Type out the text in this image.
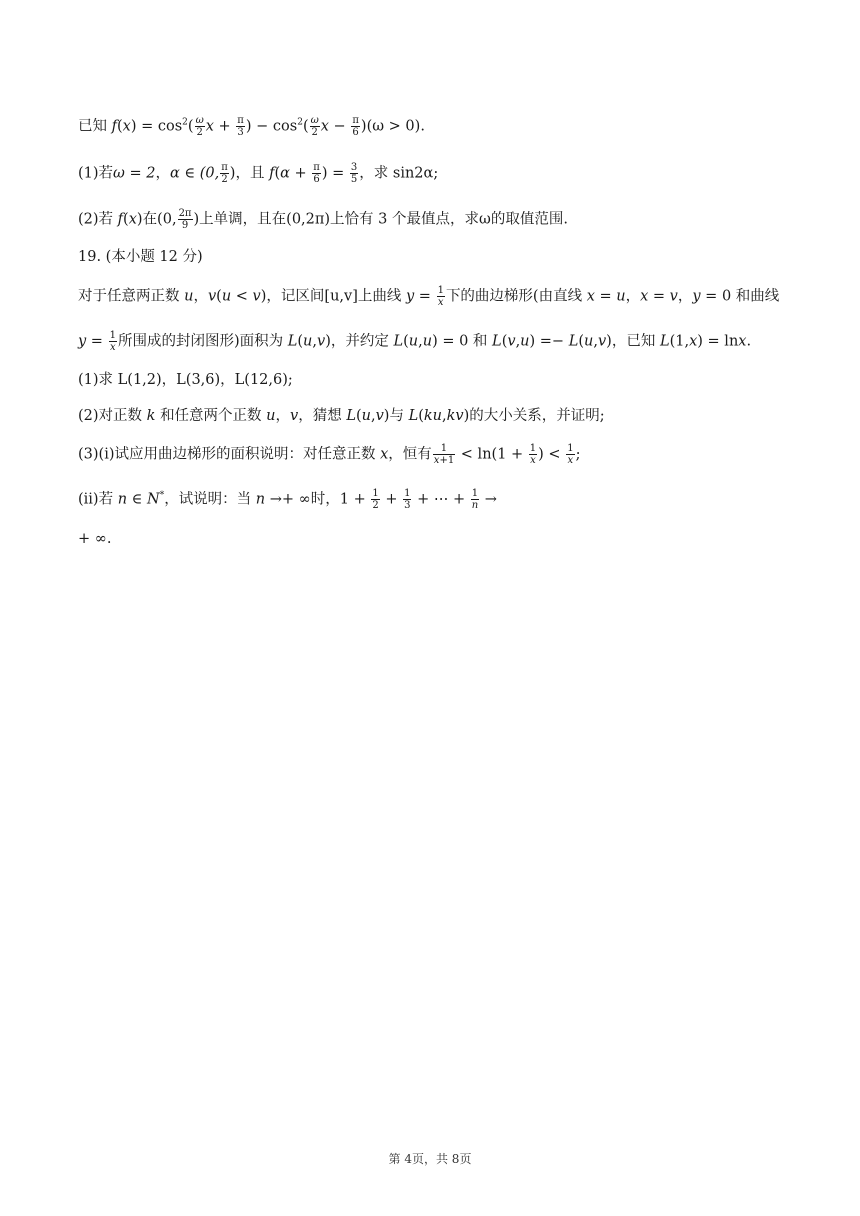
已知 $f(x) = \cos^2( \frac{\omega}{2}$ $x + \frac{\pi}{3}$ ) − $\cos^2( \frac{\omega}{2}$ $x - \frac{\pi}{6} )(\omega > 0)$.
(1)若ω = 2，α ∈ (0, $\frac{\pi}{2}$ )，且 $f(\alpha + \frac{\pi}{6}$ ) = $\frac{3}{5}$ ，求 sin2α;
(2)若 f(x)在(0, $\frac{2\pi}{9}$ )上单调，且在(0,2π)上恰有 3 个最值点，求ω的取值范围.
19. (本小题 12 分)
对于任意两正数 u，v(u < v)，记区间[u,v]上曲线 $y = \frac{1}{x}$ 下的曲边梯形(由直线 x = u，x = v，y = 0 和曲线
$y = \frac{1}{x}$ 所围成的封闭图形)面积为 L(u,v)，并约定 L(u,u) = 0 和 L(v,u) =− L(u,v)，已知 L(1,x) = lnx.
(1)求 L(1,2)，L(3,6)，L(12,6);
(2)对正数 k 和任意两个正数 u，v，猜想 L(u,v)与 L(ku,kv)的大小关系，并证明;
(3)(ⅰ)试应用曲边梯形的面积说明：对任意正数 x，恒有 $\frac{1}{x+1} < \ln(1 + \frac{1}{x}$ ) < $\frac{1}{x}$ ;
(ⅱ)若 n ∈ N*，试说明：当 n →+ ∞时，$1 + \frac{1}{2} + \frac{1}{3}$ + ⋯ + $\frac{1}{n}$ →
+ ∞.
第 4页，共 8页
